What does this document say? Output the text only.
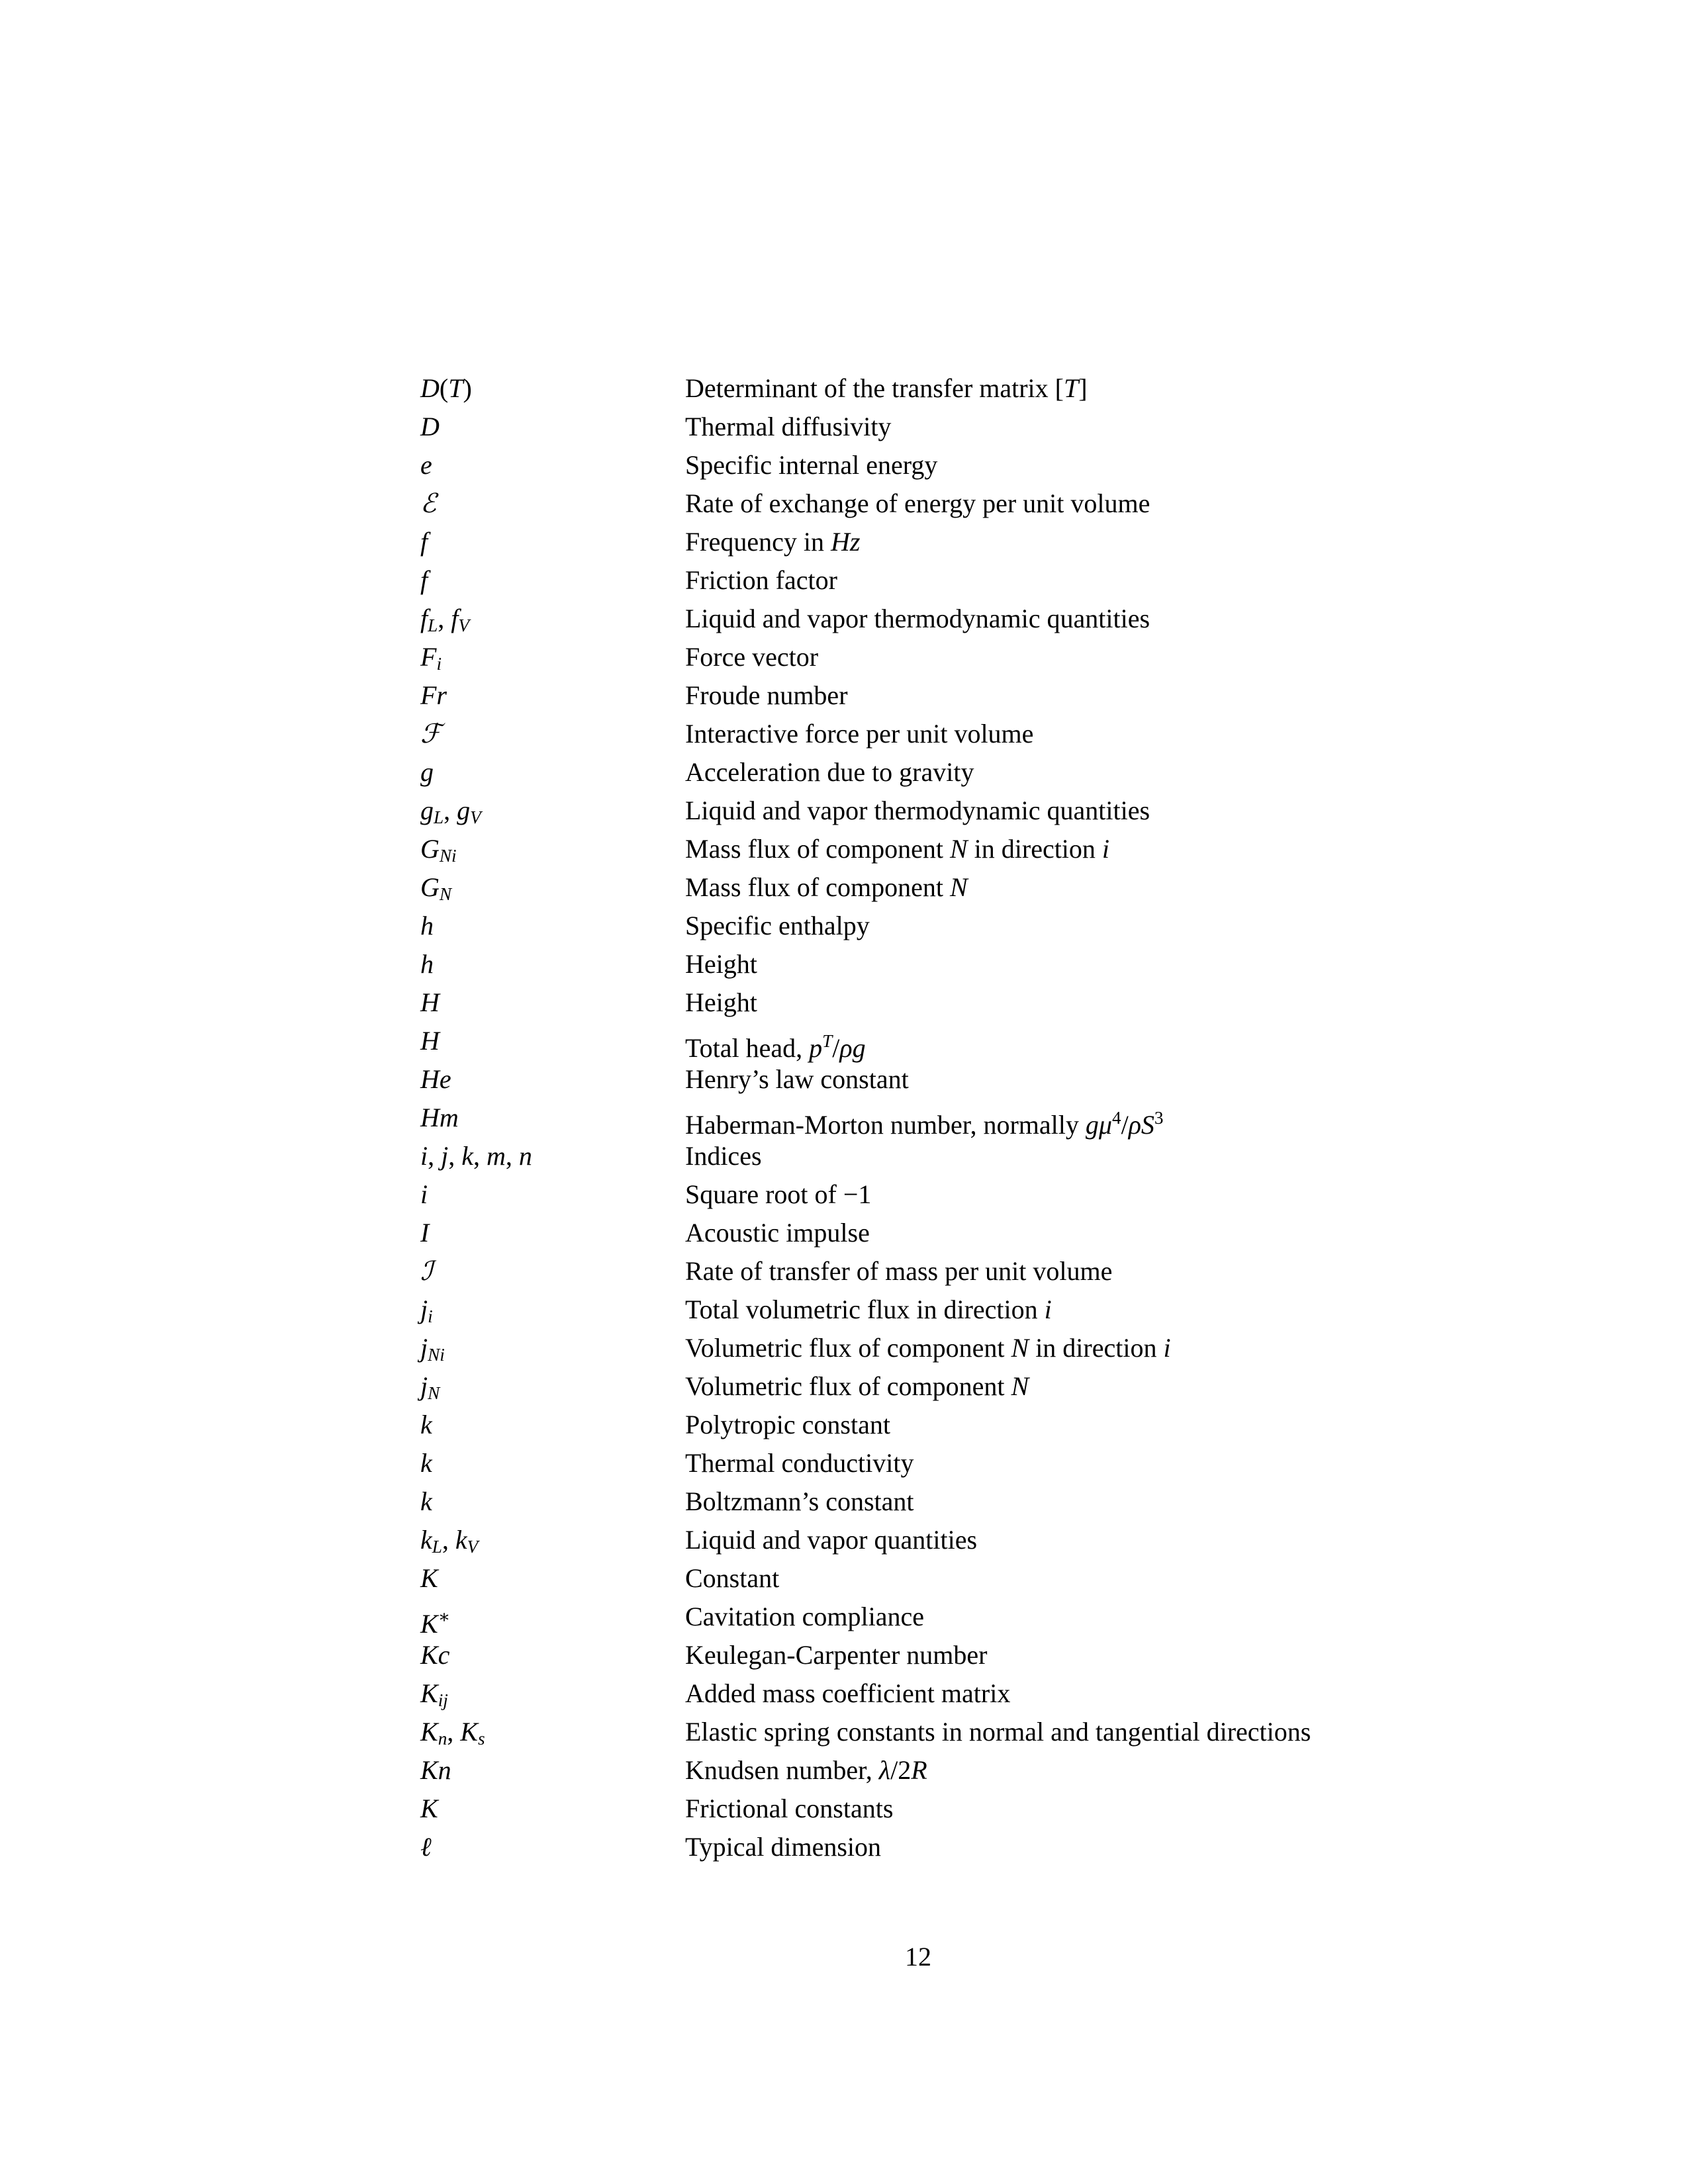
D(T)	Determinant of the transfer matrix [T]
D	Thermal diffusivity
e	Specific internal energy
ℰ	Rate of exchange of energy per unit volume
f	Frequency in Hz
f	Friction factor
$f_L$, $f_V$	Liquid and vapor thermodynamic quantities
$F_i$	Force vector
Fr	Froude number
ℱ	Interactive force per unit volume
g	Acceleration due to gravity
$g_L$, $g_V$	Liquid and vapor thermodynamic quantities
$G_{Ni}$	Mass flux of component N in direction i
$G_N$	Mass flux of component N
h	Specific enthalpy
h	Height
H	Height
H	Total head, $p^T/\rho g$
He	Henry’s law constant
Hm	Haberman-Morton number, normally $g\mu^4/\rho S^3$
i, j, k, m, n	Indices
i	Square root of −1
I	Acoustic impulse
ℐ	Rate of transfer of mass per unit volume
$j_i$	Total volumetric flux in direction i
$j_{Ni}$	Volumetric flux of component N in direction i
$j_N$	Volumetric flux of component N
k	Polytropic constant
k	Thermal conductivity
k	Boltzmann’s constant
$k_L$, $k_V$	Liquid and vapor quantities
K	Constant
K∗	Cavitation compliance
Kc	Keulegan-Carpenter number
$K_{ij}$	Added mass coefficient matrix
$K_n$, $K_s$	Elastic spring constants in normal and tangential directions
Kn	Knudsen number, λ/2R
K	Frictional constants
ℓ	Typical dimension
12
